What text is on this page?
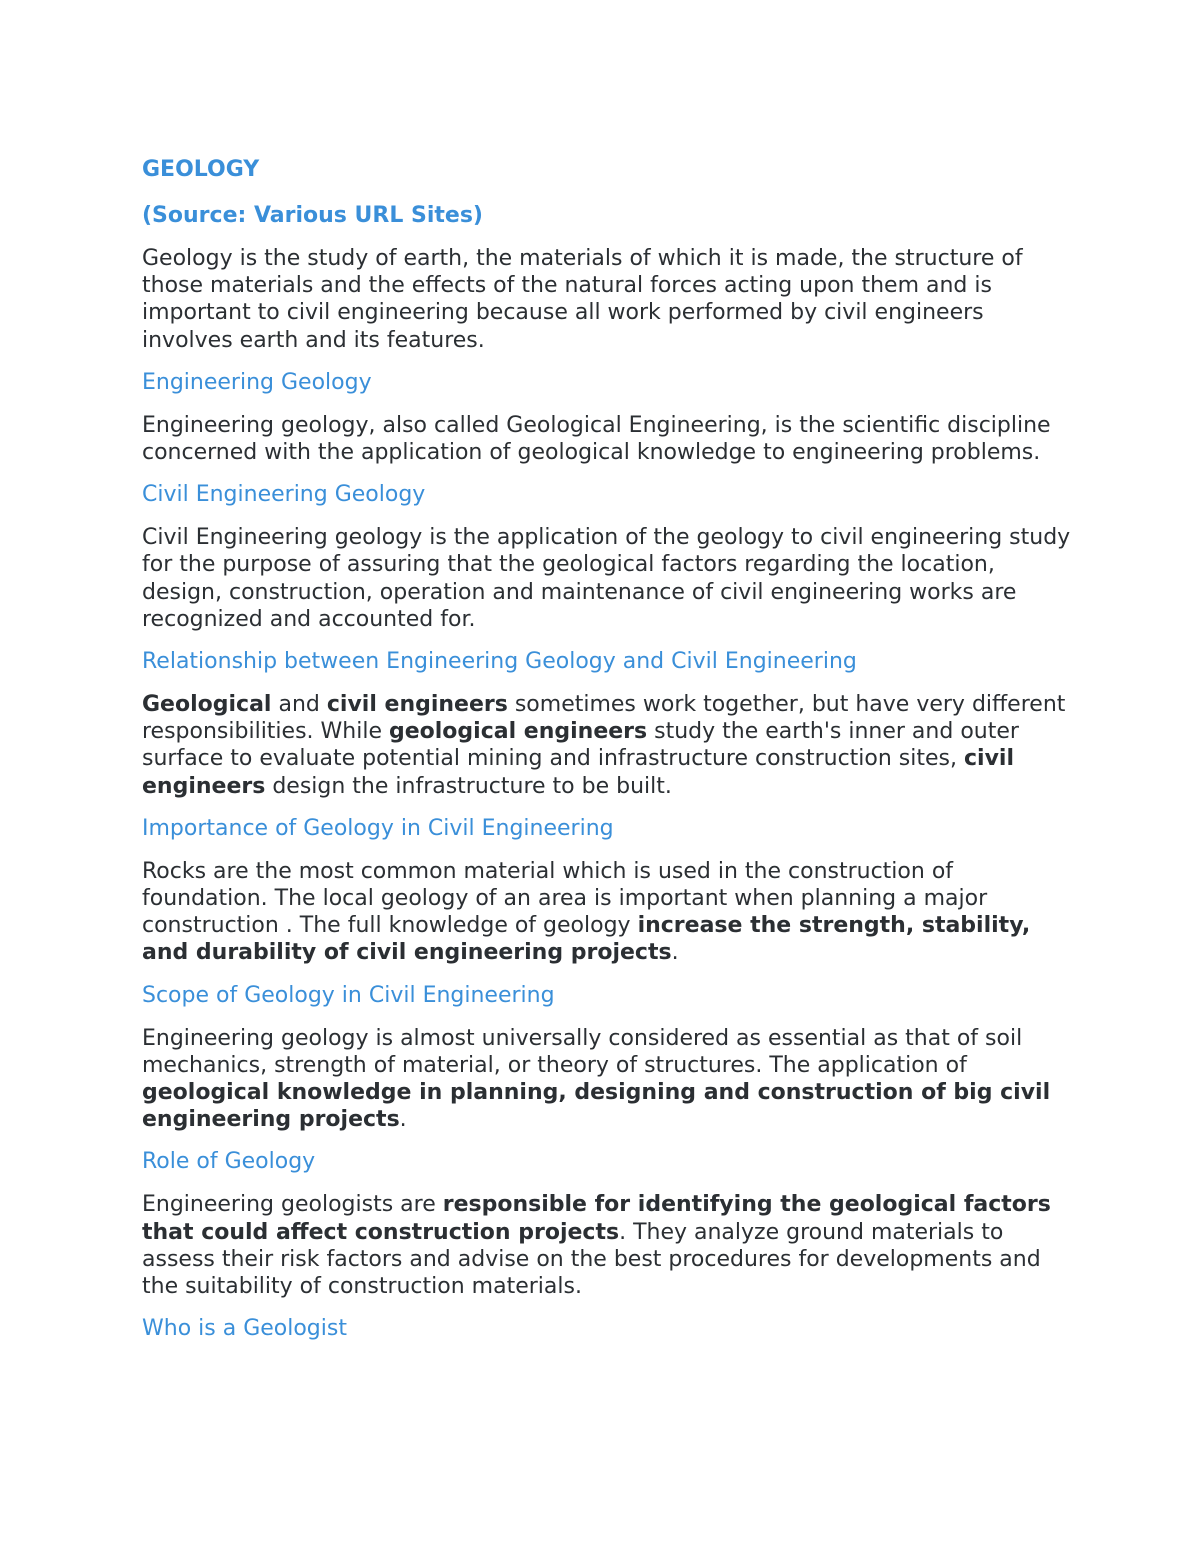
GEOLOGY
(Source: Various URL Sites)

Geology is the study of earth, the materials of which it is made, the structure of those materials and the effects of the natural forces acting upon them and is important to civil engineering because all work performed by civil engineers involves earth and its features.

Engineering Geology

Engineering geology, also called Geological Engineering, is the scientific discipline concerned with the application of geological knowledge to engineering problems.

Civil Engineering Geology

Civil Engineering geology is the application of the geology to civil engineering study for the purpose of assuring that the geological factors regarding the location, design, construction, operation and maintenance of civil engineering works are recognized and accounted for.

Relationship between Engineering Geology and Civil Engineering

Geological and civil engineers sometimes work together, but have very different responsibilities. While geological engineers study the earth's inner and outer surface to evaluate potential mining and infrastructure construction sites, civil engineers design the infrastructure to be built.

Importance of Geology in Civil Engineering

Rocks are the most common material which is used in the construction of foundation. The local geology of an area is important when planning a major construction . The full knowledge of geology increase the strength, stability, and durability of civil engineering projects.

Scope of Geology in Civil Engineering

Engineering geology is almost universally considered as essential as that of soil mechanics, strength of material, or theory of structures. The application of geological knowledge in planning, designing and construction of big civil engineering projects.

Role of Geology

Engineering geologists are responsible for identifying the geological factors that could affect construction projects. They analyze ground materials to assess their risk factors and advise on the best procedures for developments and the suitability of construction materials.

Who is a Geologist
